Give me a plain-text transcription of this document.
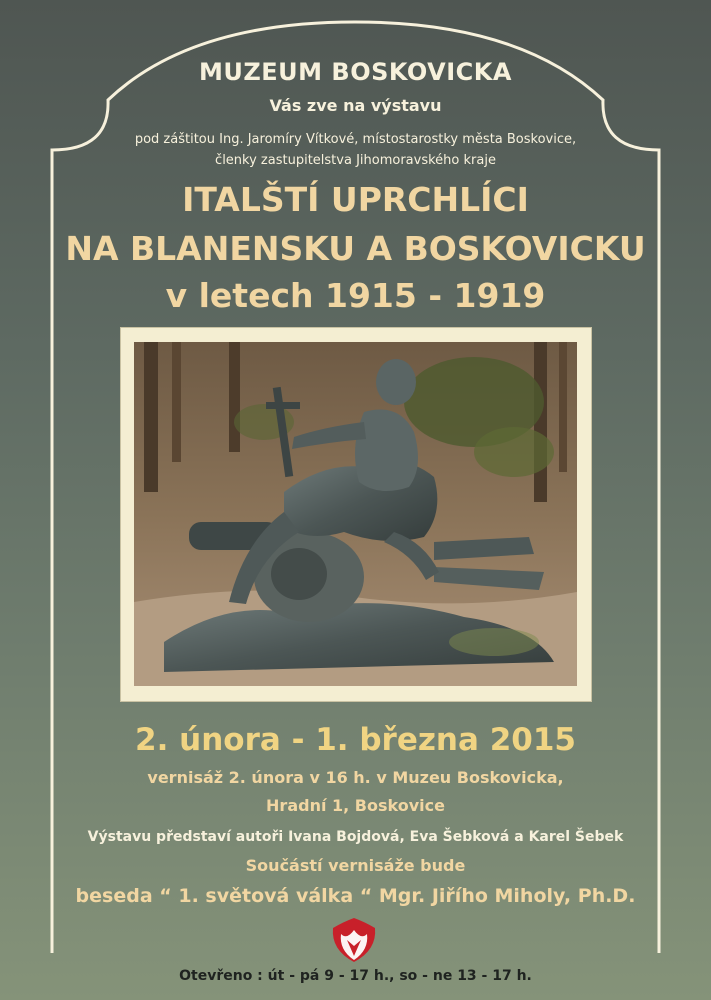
MUZEUM BOSKOVICKA
Vás zve na výstavu
pod záštitou Ing. Jaromíry Vítkové, místostarostky města Boskovice,
členky zastupitelstva Jihomoravského kraje
ITALŠTÍ UPRCHLÍCI
NA BLANENSKU A BOSKOVICKU
v letech 1915 - 1919
2. února - 1. března 2015
vernisáž 2. února v 16 h. v Muzeu Boskovicka,
Hradní 1, Boskovice
Výstavu představí autoři Ivana Bojdová, Eva Šebková a Karel Šebek
Součástí vernisáže bude
beseda “ 1. světová válka “ Mgr. Jiřího Miholy, Ph.D.
Otevřeno : út - pá 9 - 17 h., so - ne 13 - 17 h.
